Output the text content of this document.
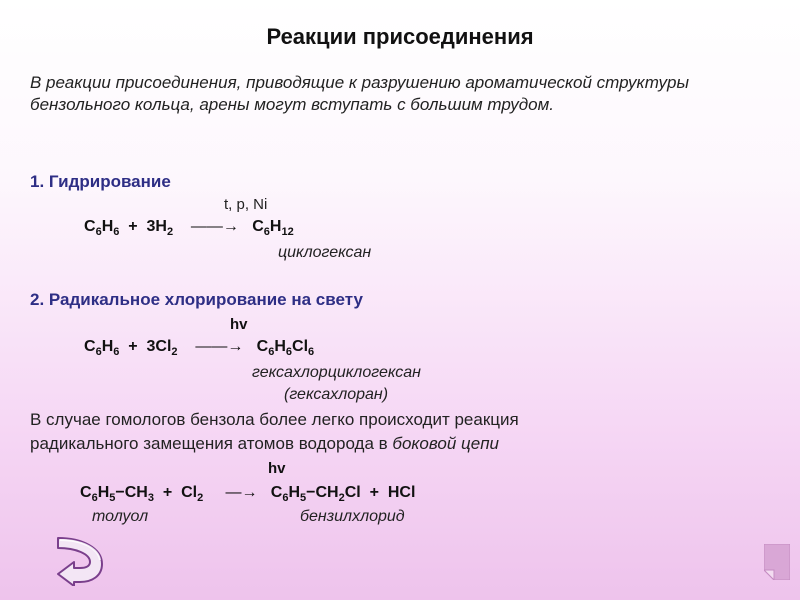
Реакции присоединения
В реакции присоединения, приводящие к разрушению ароматической структуры бензольного кольца, арены могут вступать с большим трудом.
1. Гидрирование
t, p, Ni
$C_6H_6 + 3H_2$ ——→ $C_6H_{12}$
циклогексан
2. Радикальное хлорирование на свету
hv
$C_6H_6 + 3Cl_2$ ——→ $C_6H_6Cl_6$
гексахлорциклогексан
(гексахлоран)
В случае гомологов бензола более легко происходит реакция
радикального замещения атомов водорода в боковой цепи
hv
$C_6H_5-CH_3 + Cl_2$ —→ $C_6H_5-CH_2Cl$ + HCl
толуол	бензилхлорид
